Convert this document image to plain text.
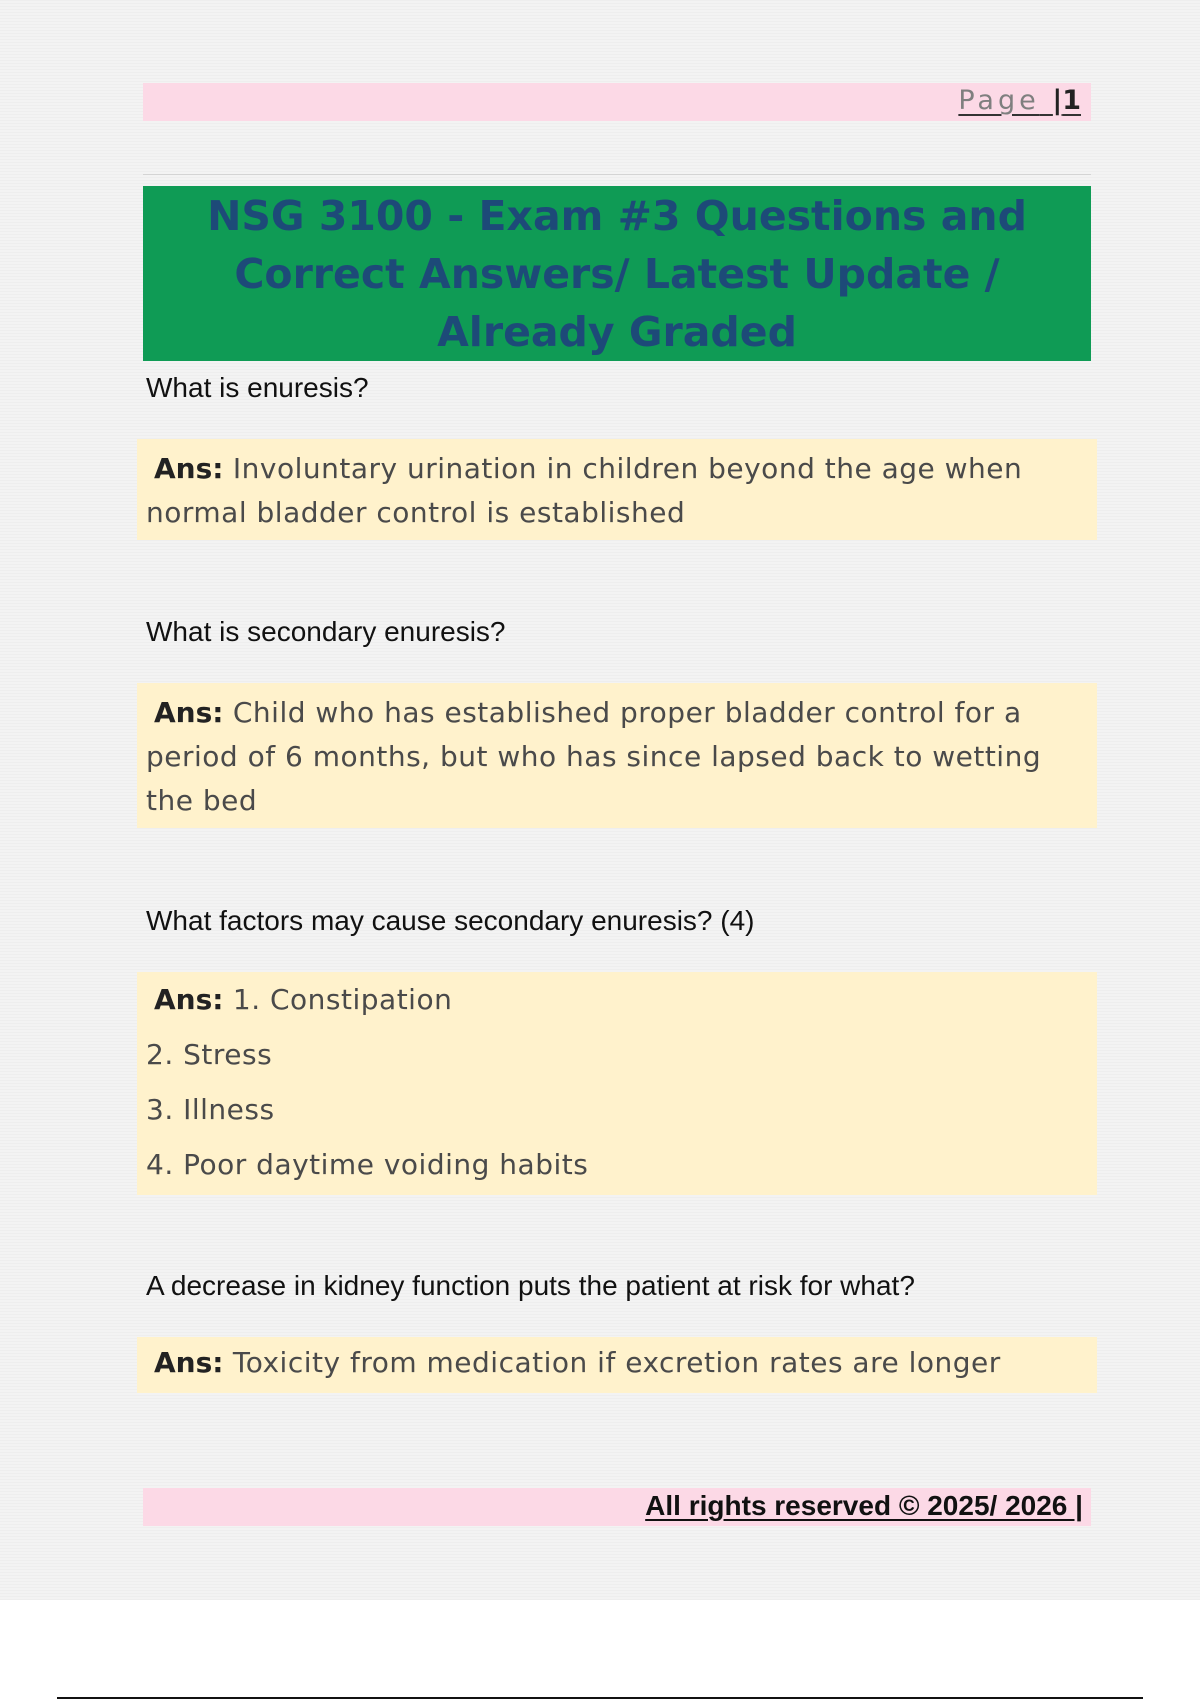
Page |1
NSG 3100 - Exam #3 Questions and Correct Answers/ Latest Update / Already Graded

What is enuresis?

Ans: Involuntary urination in children beyond the age when normal bladder control is established

What is secondary enuresis?

Ans: Child who has established proper bladder control for a period of 6 months, but who has since lapsed back to wetting the bed

What factors may cause secondary enuresis? (4)

Ans: 1. Constipation
2. Stress
3. Illness
4. Poor daytime voiding habits

A decrease in kidney function puts the patient at risk for what?

Ans: Toxicity from medication if excretion rates are longer
All rights reserved © 2025/ 2026 |
